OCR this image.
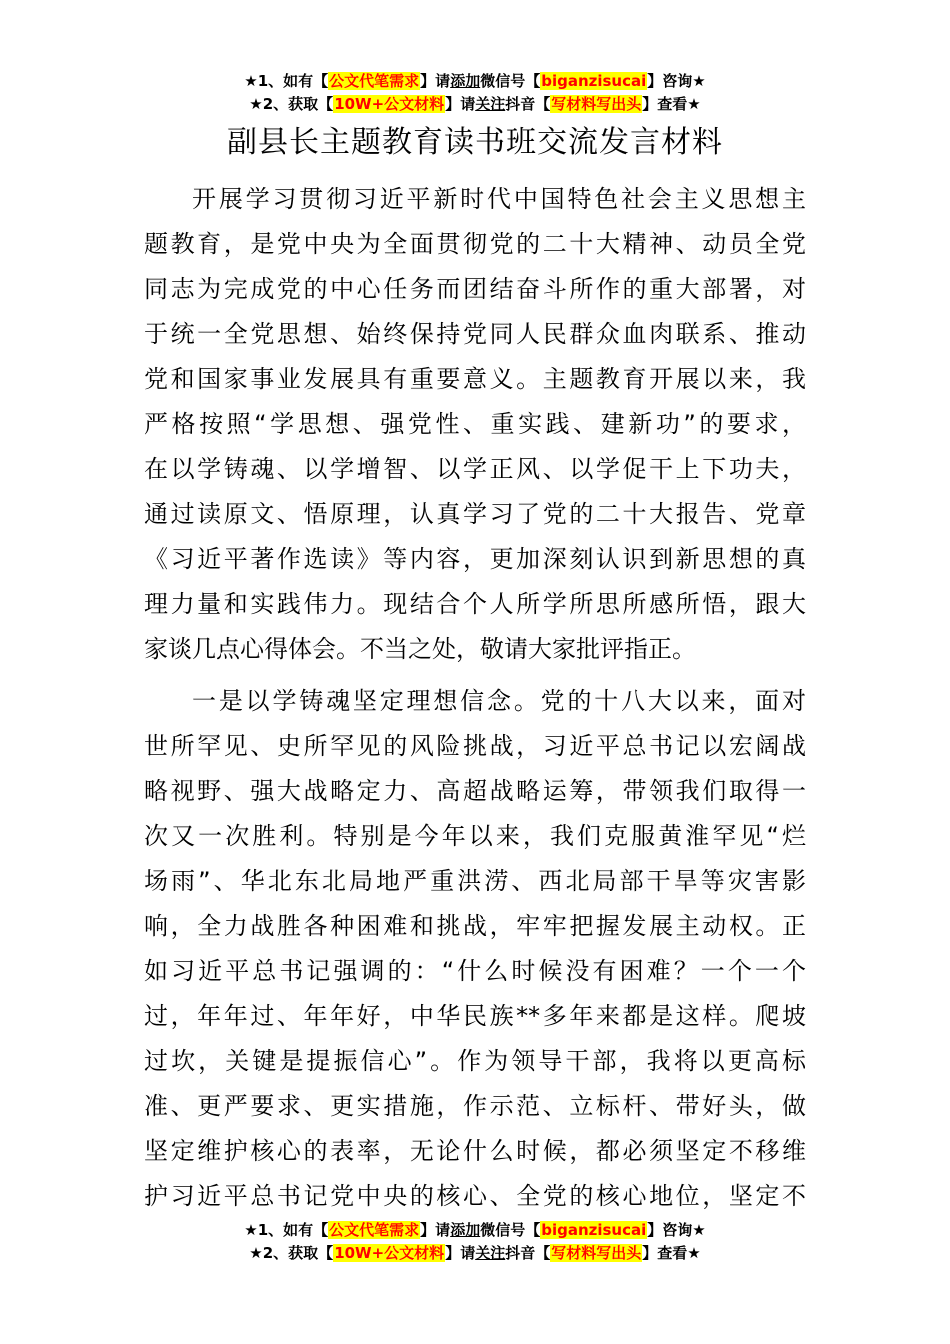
★1、如有【公文代笔需求】请添加微信号【biganzisucai】咨询★
★2、获取【10W+公文材料】请关注抖音【写材料写出头】查看★
副县长主题教育读书班交流发言材料
开展学习贯彻习近平新时代中国特色社会主义思想主
题教育，是党中央为全面贯彻党的二十大精神、动员全党
同志为完成党的中心任务而团结奋斗所作的重大部署，对
于统一全党思想、始终保持党同人民群众血肉联系、推动
党和国家事业发展具有重要意义。主题教育开展以来，我
严格按照“学思想、强党性、重实践、建新功”的要求，
在以学铸魂、以学增智、以学正风、以学促干上下功夫，
通过读原文、悟原理，认真学习了党的二十大报告、党章
《习近平著作选读》等内容，更加深刻认识到新思想的真
理力量和实践伟力。现结合个人所学所思所感所悟，跟大
家谈几点心得体会。不当之处，敬请大家批评指正。
一是以学铸魂坚定理想信念。党的十八大以来，面对
世所罕见、史所罕见的风险挑战，习近平总书记以宏阔战
略视野、强大战略定力、高超战略运筹，带领我们取得一
次又一次胜利。特别是今年以来，我们克服黄淮罕见“烂
场雨”、华北东北局地严重洪涝、西北局部干旱等灾害影
响，全力战胜各种困难和挑战，牢牢把握发展主动权。正
如习近平总书记强调的：“什么时候没有困难？一个一个
过，年年过、年年好，中华民族**多年来都是这样。爬坡
过坎，关键是提振信心”。作为领导干部，我将以更高标
准、更严要求、更实措施，作示范、立标杆、带好头，做
坚定维护核心的表率，无论什么时候，都必须坚定不移维
护习近平总书记党中央的核心、全党的核心地位，坚定不
★1、如有【公文代笔需求】请添加微信号【biganzisucai】咨询★
★2、获取【10W+公文材料】请关注抖音【写材料写出头】查看★
